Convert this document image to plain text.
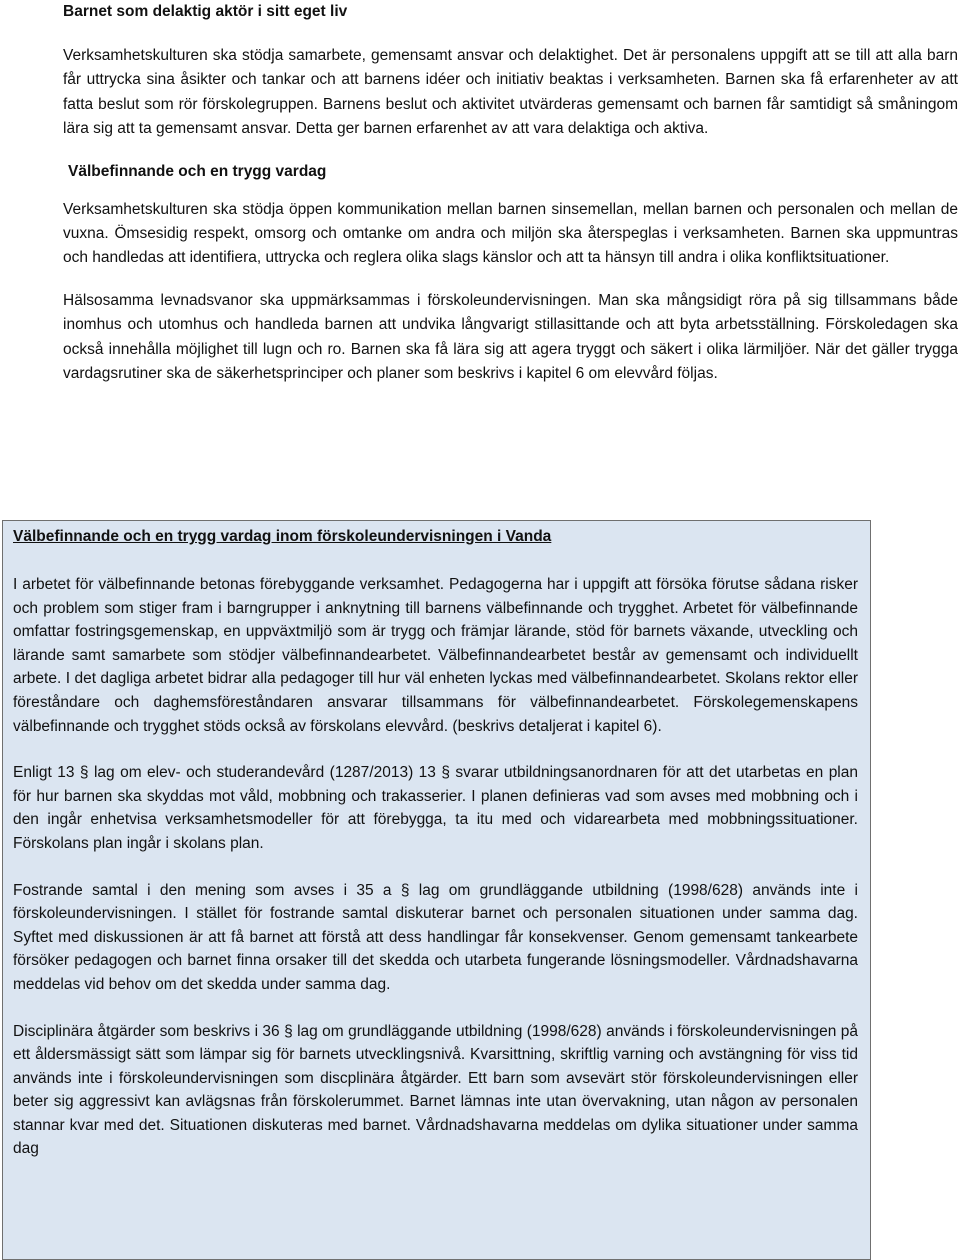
Barnet som delaktig aktör i sitt eget liv

Verksamhetskulturen ska stödja samarbete, gemensamt ansvar och delaktighet. Det är personalens uppgift att se till att alla barn får uttrycka sina åsikter och tankar och att barnens idéer och initiativ beaktas i verksamheten. Barnen ska få erfarenheter av att fatta beslut som rör förskolegruppen. Barnens beslut och aktivitet utvärderas gemensamt och barnen får samtidigt så småningom lära sig att ta gemensamt ansvar. Detta ger barnen erfarenhet av att vara delaktiga och aktiva.

Välbefinnande och en trygg vardag

Verksamhetskulturen ska stödja öppen kommunikation mellan barnen sinsemellan, mellan barnen och personalen och mellan de vuxna. Ömsesidig respekt, omsorg och omtanke om andra och miljön ska återspeglas i verksamheten. Barnen ska uppmuntras och handledas att identifiera, uttrycka och reglera olika slags känslor och att ta hänsyn till andra i olika konfliktsituationer.

Hälsosamma levnadsvanor ska uppmärksammas i förskoleundervisningen. Man ska mångsidigt röra på sig tillsammans både inomhus och utomhus och handleda barnen att undvika långvarigt stillasittande och att byta arbetsställning. Förskoledagen ska också innehålla möjlighet till lugn och ro. Barnen ska få lära sig att agera tryggt och säkert i olika lärmiljöer. När det gäller trygga vardagsrutiner ska de säkerhetsprinciper och planer som beskrivs i kapitel 6 om elevvård följas.

Välbefinnande och en trygg vardag inom förskoleundervisningen i Vanda

I arbetet för välbefinnande betonas förebyggande verksamhet. Pedagogerna har i uppgift att försöka förutse sådana risker och problem som stiger fram i barngrupper i anknytning till barnens välbefinnande och trygghet. Arbetet för välbefinnande omfattar fostringsgemenskap, en uppväxtmiljö som är trygg och främjar lärande, stöd för barnets växande, utveckling och lärande samt samarbete som stödjer välbefinnandearbetet. Välbefinnandearbetet består av gemensamt och individuellt arbete. I det dagliga arbetet bidrar alla pedagoger till hur väl enheten lyckas med välbefinnandearbetet. Skolans rektor eller föreståndare och daghemsföreståndaren ansvarar tillsammans för välbefinnandearbetet. Förskolegemenskapens välbefinnande och trygghet stöds också av förskolans elevvård. (beskrivs detaljerat i kapitel 6).

Enligt 13 § lag om elev- och studerandevård (1287/2013) 13 § svarar utbildningsanordnaren för att det utarbetas en plan för hur barnen ska skyddas mot våld, mobbning och trakasserier. I planen definieras vad som avses med mobbning och i den ingår enhetvisa verksamhetsmodeller för att förebygga, ta itu med och vidarearbeta med mobbningssituationer. Förskolans plan ingår i skolans plan.

Fostrande samtal i den mening som avses i 35 a § lag om grundläggande utbildning (1998/628) används inte i förskoleundervisningen. I stället för fostrande samtal diskuterar barnet och personalen situationen under samma dag. Syftet med diskussionen är att få barnet att förstå att dess handlingar får konsekvenser. Genom gemensamt tankearbete försöker pedagogen och barnet finna orsaker till det skedda och utarbeta fungerande lösningsmodeller. Vårdnadshavarna meddelas vid behov om det skedda under samma dag.

Disciplinära åtgärder som beskrivs i 36 § lag om grundläggande utbildning (1998/628) används i förskoleundervisningen på ett åldersmässigt sätt som lämpar sig för barnets utvecklingsnivå. Kvarsittning, skriftlig varning och avstängning för viss tid används inte i förskoleundervisningen som discplinära åtgärder. Ett barn som avsevärt stör förskoleundervisningen eller beter sig aggressivt kan avlägsnas från förskolerummet. Barnet lämnas inte utan övervakning, utan någon av personalen stannar kvar med det. Situationen diskuteras med barnet. Vårdnadshavarna meddelas om dylika situationer under samma dag
